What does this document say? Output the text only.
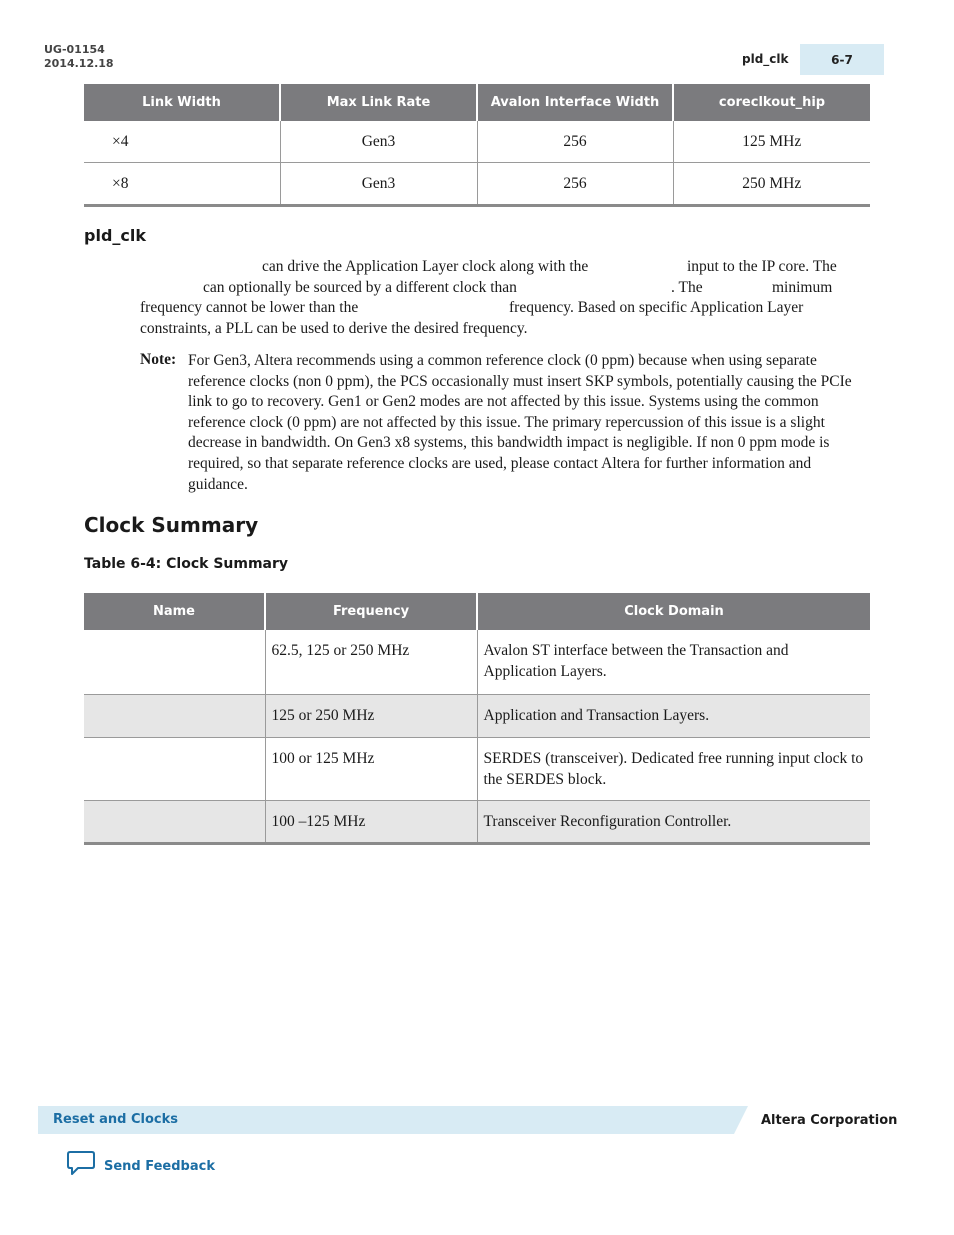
UG-01154
2014.12.18	pld_clk	6-7
Link Width	Max Link Rate	Avalon Interface Width	coreclkout_hip
×4	Gen3	256	125 MHz
×8	Gen3	256	250 MHz
pld_clk
can drive the Application Layer clock along with the	input to the IP core. The
can optionally be sourced by a different clock than	. The	minimum
frequency cannot be lower than the	frequency. Based on specific Application Layer
constraints, a PLL can be used to derive the desired frequency.
Note: For Gen3, Altera recommends using a common reference clock (0 ppm) because when using separate reference clocks (non 0 ppm), the PCS occasionally must insert SKP symbols, potentially causing the PCIe link to go to recovery. Gen1 or Gen2 modes are not affected by this issue. Systems using the common reference clock (0 ppm) are not affected by this issue. The primary repercussion of this issue is a slight decrease in bandwidth. On Gen3 x8 systems, this bandwidth impact is negligible. If non 0 ppm mode is required, so that separate reference clocks are used, please contact Altera for further information and guidance.
Clock Summary
Table 6-4: Clock Summary
Name	Frequency	Clock Domain
	62.5, 125 or 250 MHz	Avalon ST interface between the Transaction and Application Layers.
	125 or 250 MHz	Application and Transaction Layers.
	100 or 125 MHz	SERDES (transceiver). Dedicated free running input clock to the SERDES block.
	100 –125 MHz	Transceiver Reconfiguration Controller.
Reset and Clocks	Altera Corporation
Send Feedback
